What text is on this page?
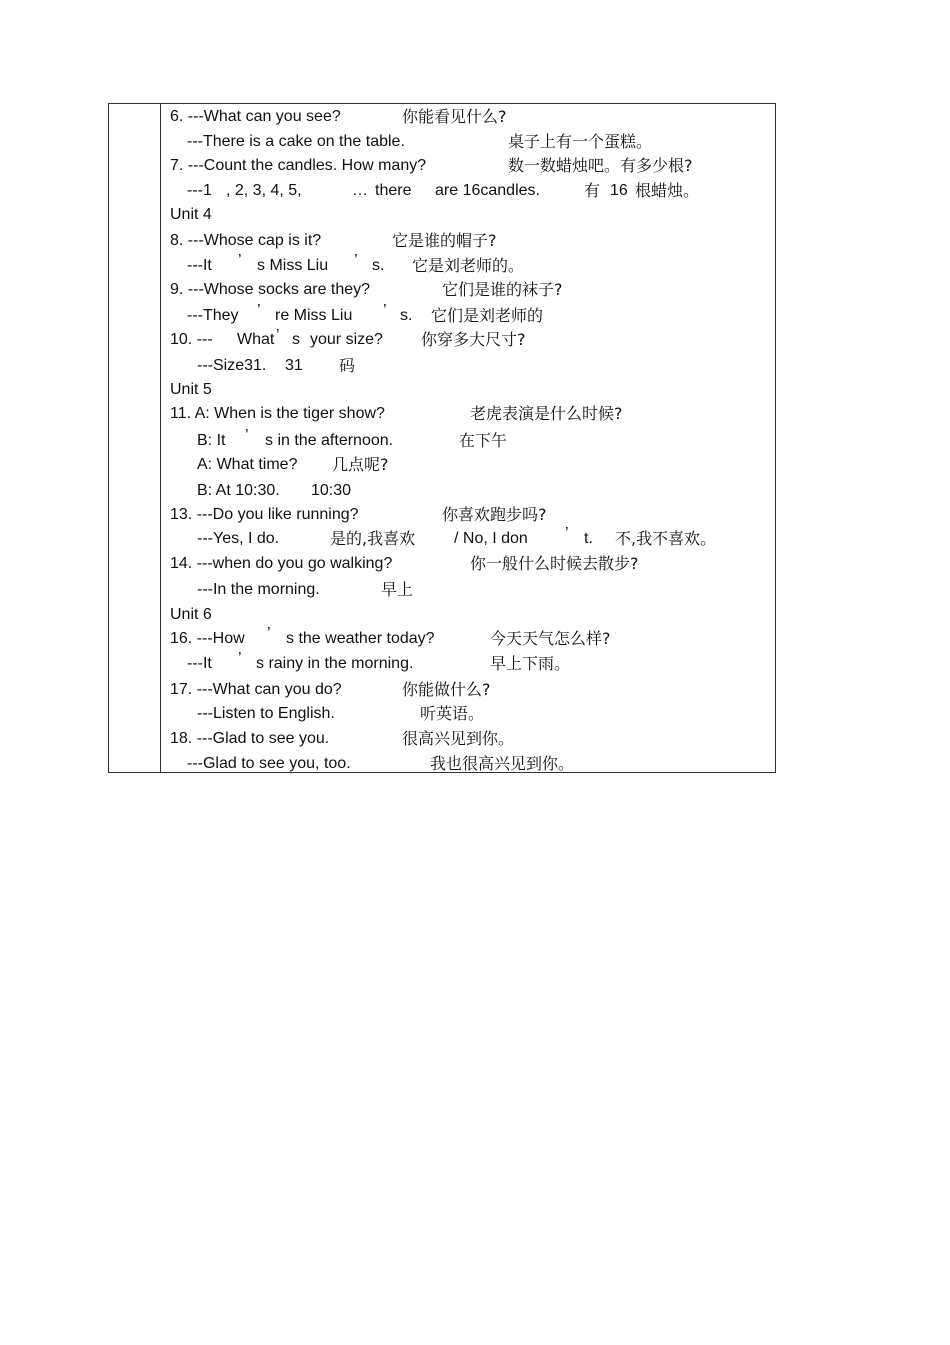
6. ---What can you see?	你能看见什么?
---There is a cake on the table.	桌子上有一个蛋糕。
7. ---Count the candles. How many?	数一数蜡烛吧。有多少根?
---1 , 2, 3, 4, 5,	… there are 16candles.	有 16 根蜡烛。
Unit 4
8. ---Whose cap is it?	它是谁的帽子?
---It ’ s Miss Liu ’ s. 它是刘老师的。
9. ---Whose socks are they?	它们是谁的袜子?
---They ’ re Miss Liu ’ s. 它们是刘老师的
10. --- What ’ s your size? 你穿多大尺寸?
---Size31. 31 码
Unit 5
11. A: When is the tiger show?	老虎表演是什么时候?
B: It ’ s in the afternoon.	在下午
A: What time? 几点呢?
B: At 10:30. 10:30
13. ---Do you like running?	你喜欢跑步吗?
---Yes, I do.	是的,我喜欢 / No, I don ’ t. 不,我不喜欢。
14. ---when do you go walking?	你一般什么时候去散步?
---In the morning.	早上
Unit 6
16. ---How ’ s the weather today?	今天天气怎么样?
---It ’ s rainy in the morning.	早上下雨。
17. ---What can you do?	你能做什么?
---Listen to English.	听英语。
18. ---Glad to see you.	很高兴见到你。
---Glad to see you, too.	我也很高兴见到你。
